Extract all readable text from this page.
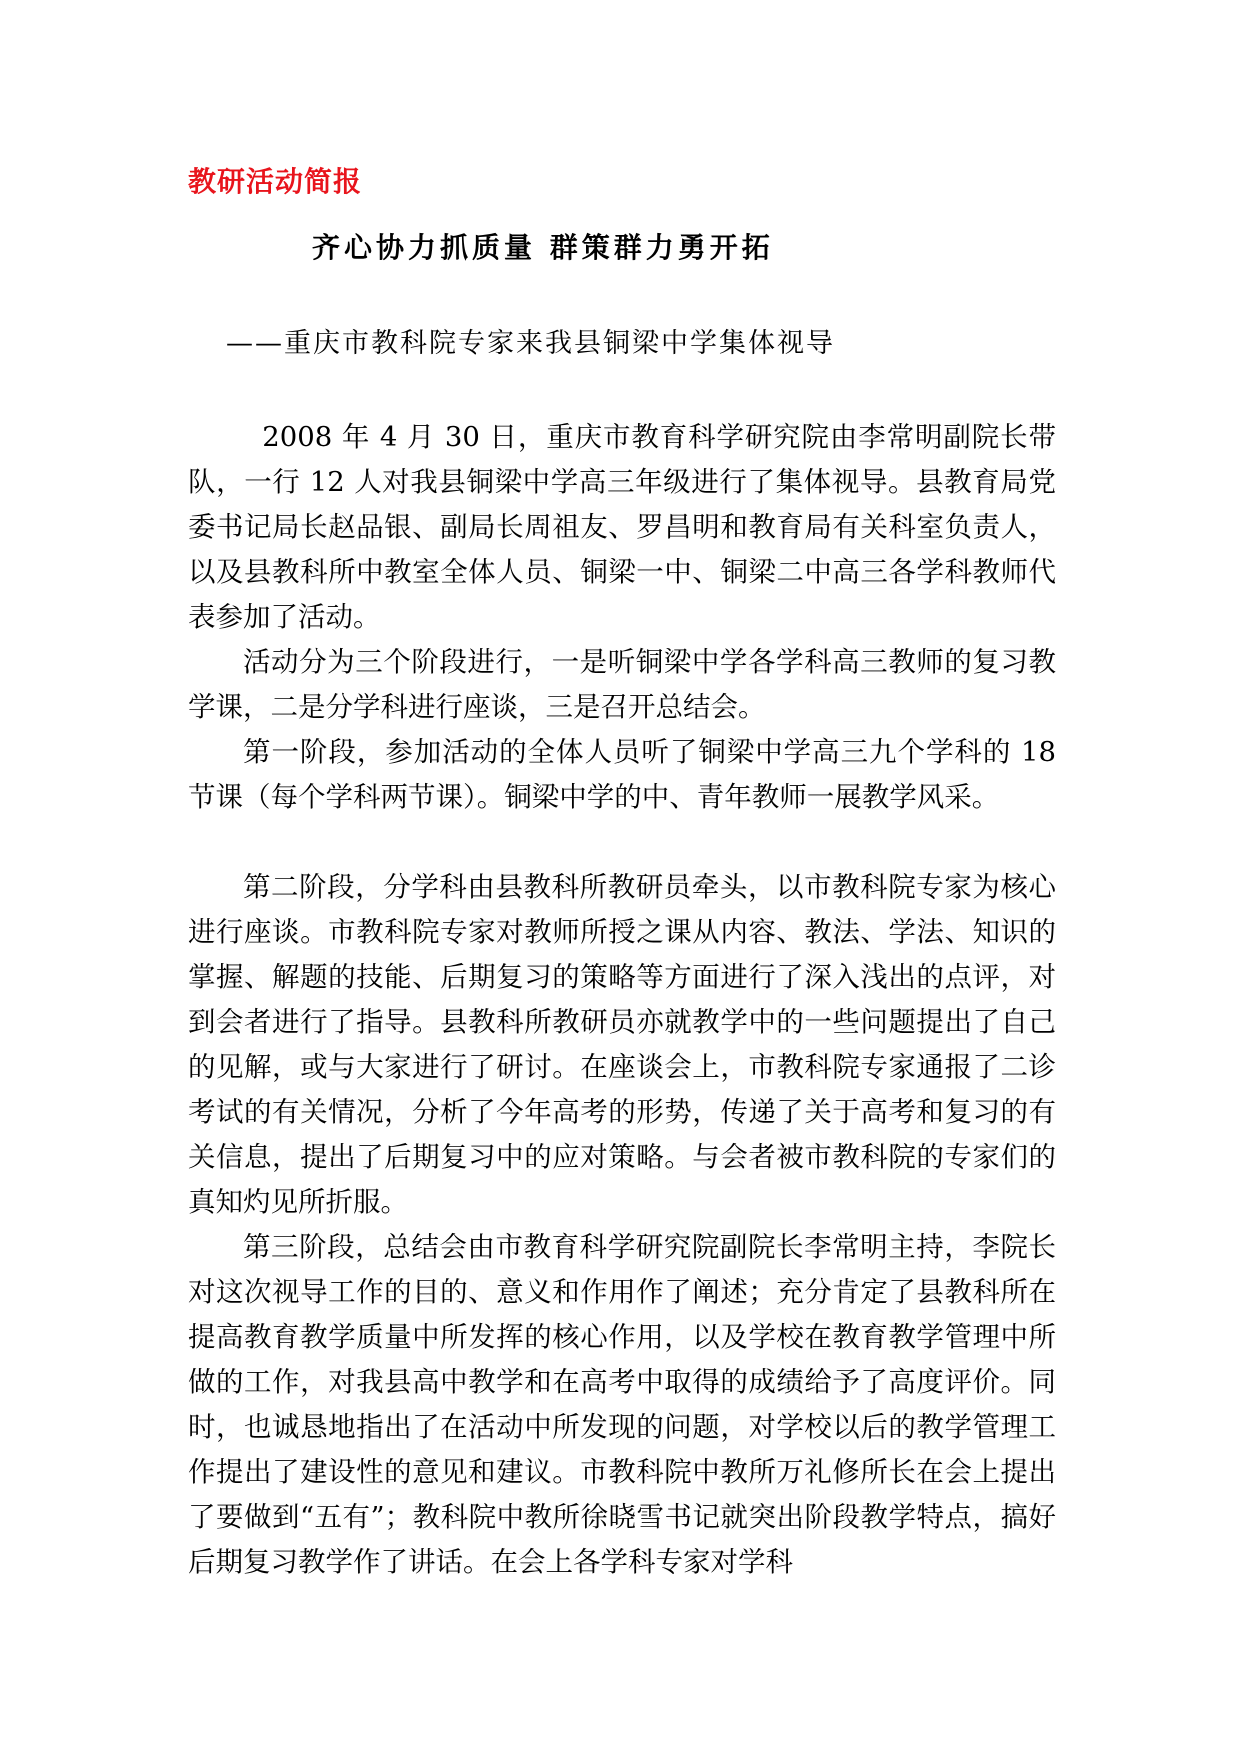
教研活动简报
齐心协力抓质量 群策群力勇开拓
——重庆市教科院专家来我县铜梁中学集体视导

2008 年 4 月 30 日，重庆市教育科学研究院由李常明副院长带队，一行 12 人对我县铜梁中学高三年级进行了集体视导。县教育局党委书记局长赵品银、副局长周祖友、罗昌明和教育局有关科室负责人，以及县教科所中教室全体人员、铜梁一中、铜梁二中高三各学科教师代表参加了活动。

活动分为三个阶段进行，一是听铜梁中学各学科高三教师的复习教学课，二是分学科进行座谈，三是召开总结会。

第一阶段，参加活动的全体人员听了铜梁中学高三九个学科的 18 节课（每个学科两节课）。铜梁中学的中、青年教师一展教学风采。

第二阶段，分学科由县教科所教研员牵头，以市教科院专家为核心进行座谈。市教科院专家对教师所授之课从内容、教法、学法、知识的掌握、解题的技能、后期复习的策略等方面进行了深入浅出的点评，对到会者进行了指导。县教科所教研员亦就教学中的一些问题提出了自己的见解，或与大家进行了研讨。在座谈会上，市教科院专家通报了二诊考试的有关情况，分析了今年高考的形势，传递了关于高考和复习的有关信息，提出了后期复习中的应对策略。与会者被市教科院的专家们的真知灼见所折服。

第三阶段，总结会由市教育科学研究院副院长李常明主持，李院长对这次视导工作的目的、意义和作用作了阐述；充分肯定了县教科所在提高教育教学质量中所发挥的核心作用，以及学校在教育教学管理中所做的工作，对我县高中教学和在高考中取得的成绩给予了高度评价。同时，也诚恳地指出了在活动中所发现的问题，对学校以后的教学管理工作提出了建设性的意见和建议。市教科院中教所万礼修所长在会上提出了要做到“五有”；教科院中教所徐晓雪书记就突出阶段教学特点，搞好后期复习教学作了讲话。在会上各学科专家对学科
